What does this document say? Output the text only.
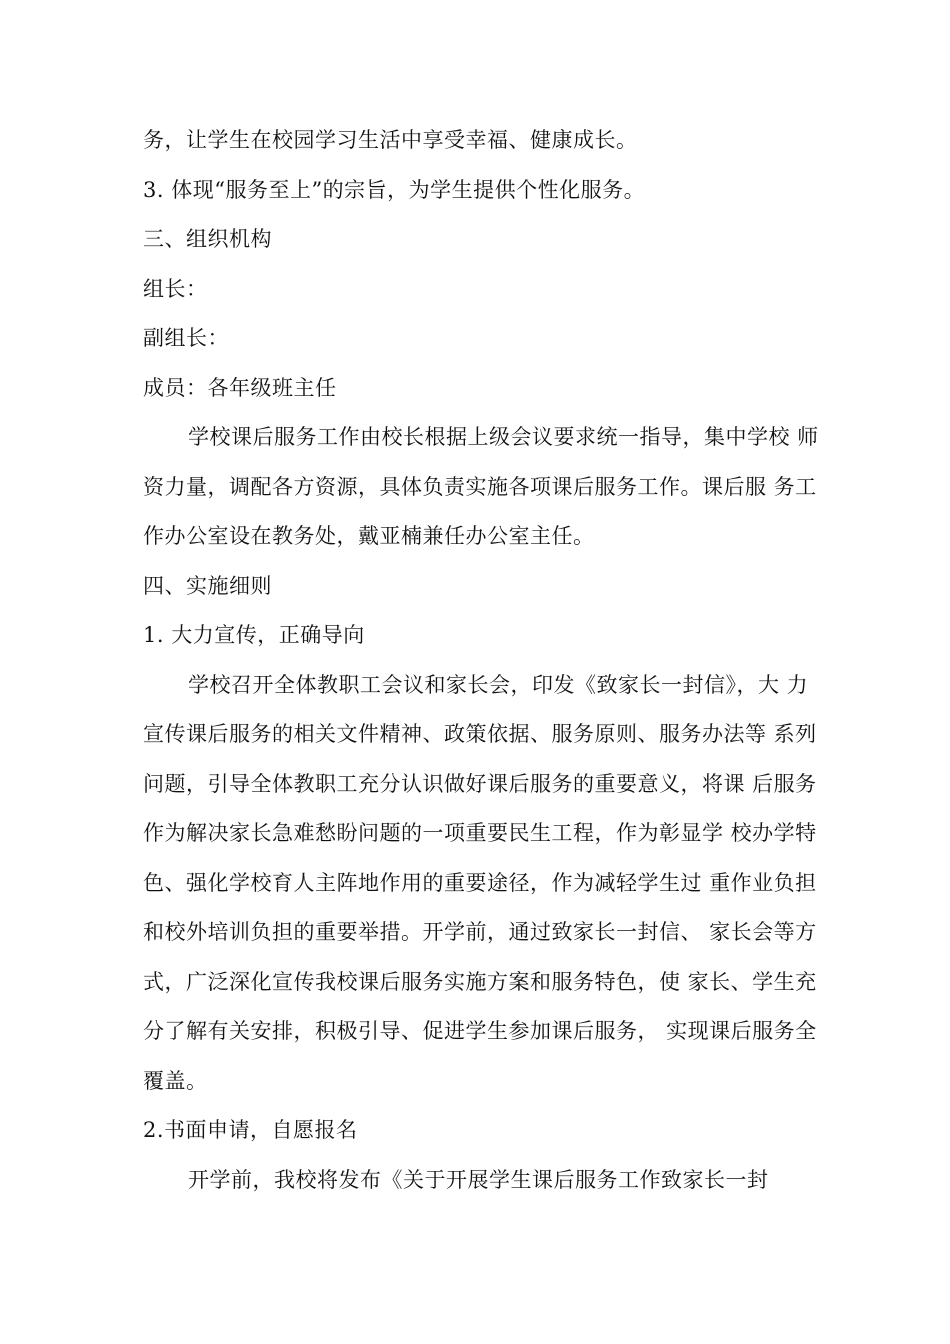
务，让学生在校园学习生活中享受幸福、健康成长。
3. 体现“服务至上”的宗旨，为学生提供个性化服务。
三、组织机构
组长：
副组长：
成员：各年级班主任
学校课后服务工作由校长根据上级会议要求统一指导，集中学校 师
资力量，调配各方资源，具体负责实施各项课后服务工作。课后服 务工
作办公室设在教务处，戴亚楠兼任办公室主任。
四、实施细则
1. 大力宣传，正确导向
学校召开全体教职工会议和家长会，印发《致家长一封信》，大 力
宣传课后服务的相关文件精神、政策依据、服务原则、服务办法等 系列
问题，引导全体教职工充分认识做好课后服务的重要意义，将课 后服务
作为解决家长急难愁盼问题的一项重要民生工程，作为彰显学 校办学特
色、强化学校育人主阵地作用的重要途径，作为减轻学生过 重作业负担
和校外培训负担的重要举措。开学前，通过致家长一封信、 家长会等方
式，广泛深化宣传我校课后服务实施方案和服务特色，使 家长、学生充
分了解有关安排，积极引导、促进学生参加课后服务， 实现课后服务全
覆盖。
2.书面申请，自愿报名
开学前，我校将发布《关于开展学生课后服务工作致家长一封
